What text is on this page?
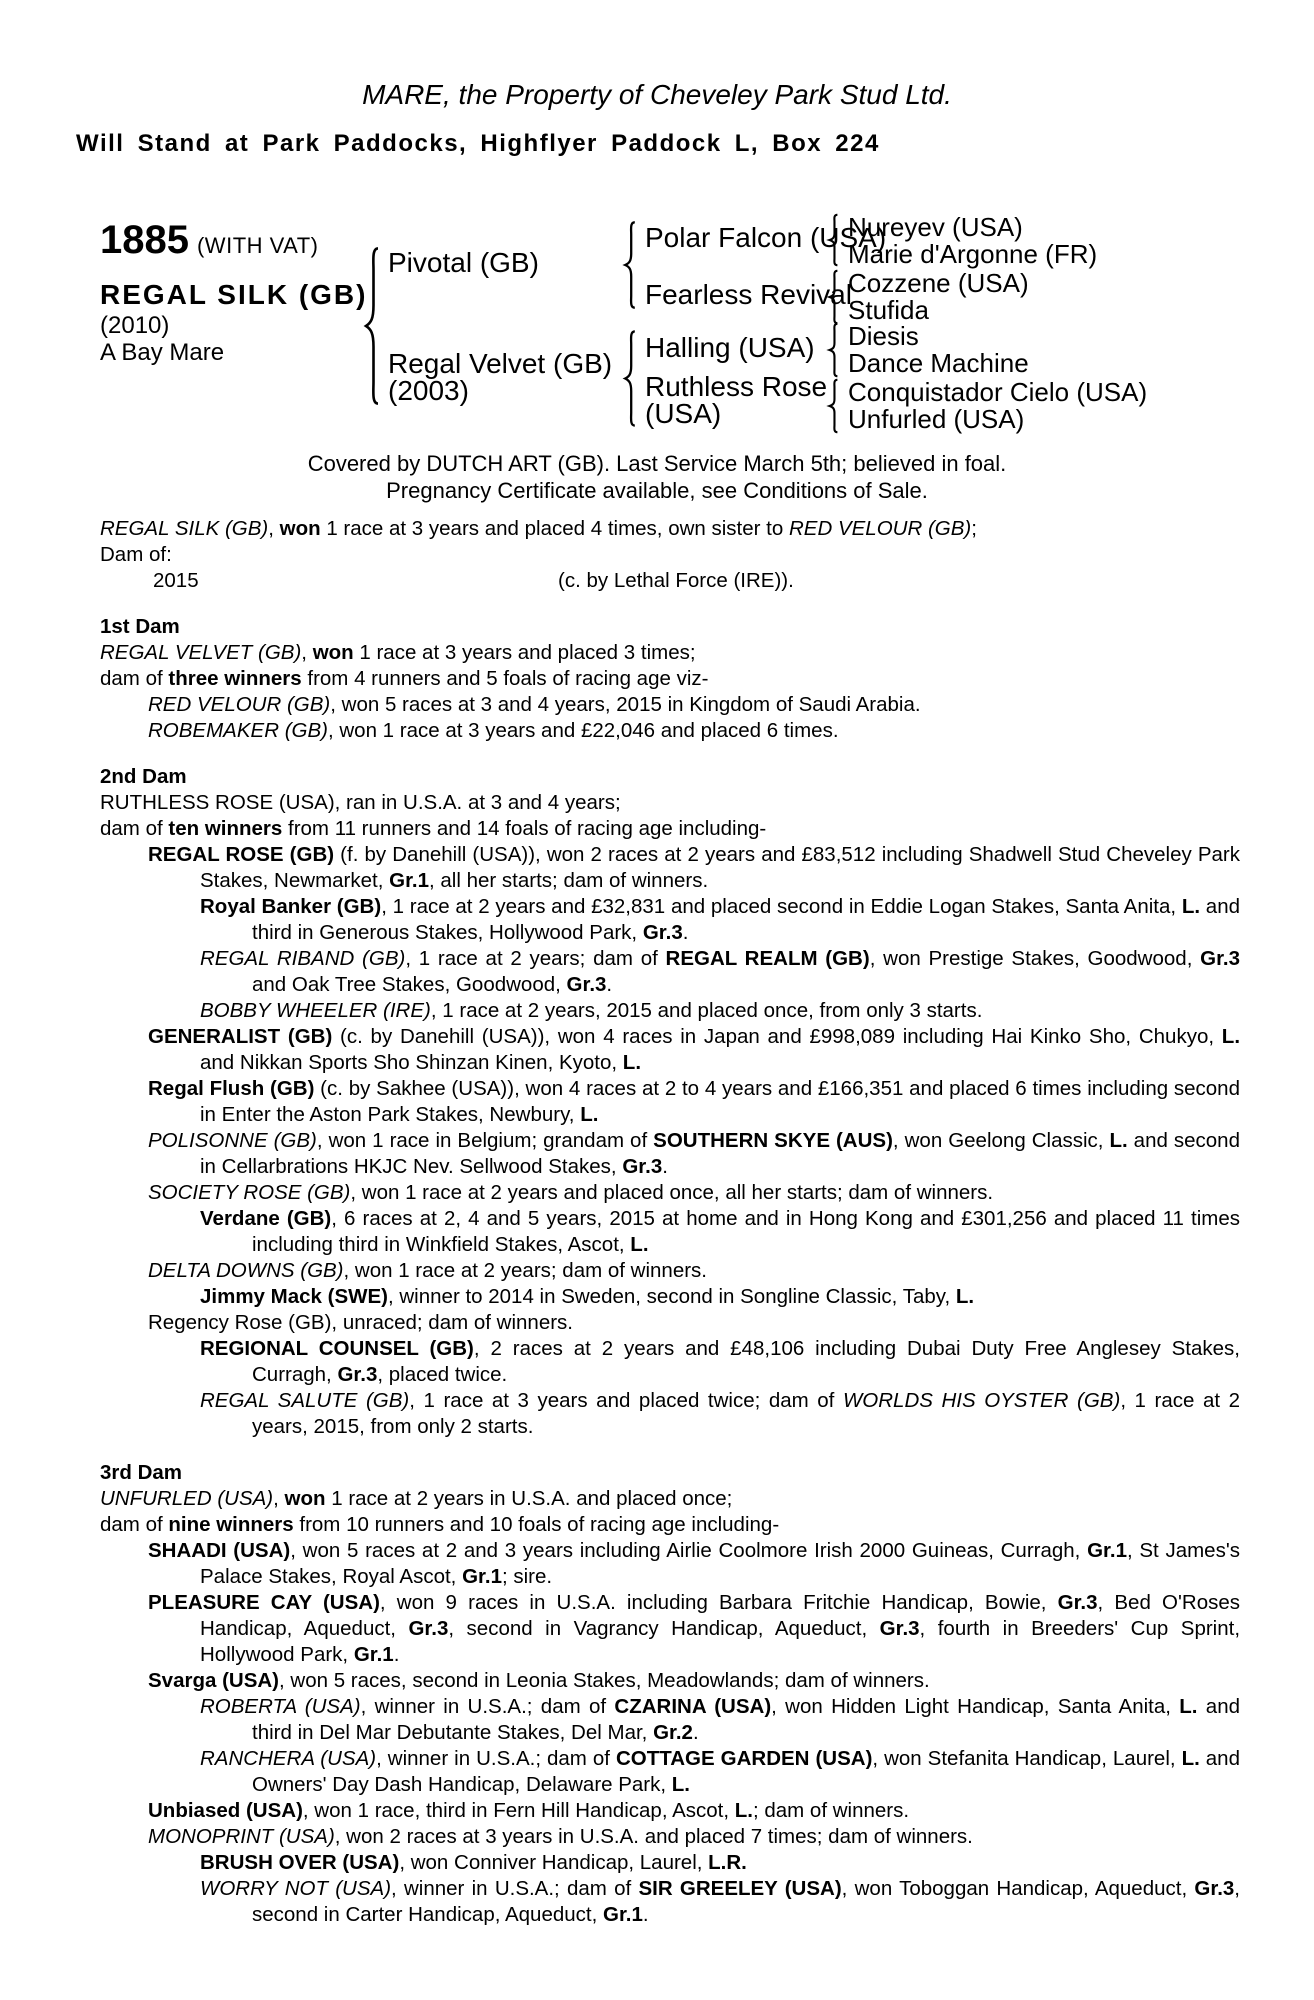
MARE, the Property of Cheveley Park Stud Ltd.
Will Stand at Park Paddocks, Highflyer Paddock L, Box 224
1885 (WITH VAT)
REGAL SILK (GB)
(2010)
A Bay Mare
Pivotal (GB)
Regal Velvet (GB)
(2003)
Polar Falcon (USA)
Fearless Revival
Halling (USA)
Ruthless Rose (USA)
Nureyev (USA)
Marie d'Argonne (FR)
Cozzene (USA)
Stufida
Diesis
Dance Machine
Conquistador Cielo (USA)
Unfurled (USA)
Covered by DUTCH ART (GB). Last Service March 5th; believed in foal.
Pregnancy Certificate available, see Conditions of Sale.
REGAL SILK (GB), won 1 race at 3 years and placed 4 times, own sister to RED VELOUR (GB);
Dam of:
2015	(c. by Lethal Force (IRE)).
1st Dam
REGAL VELVET (GB), won 1 race at 3 years and placed 3 times;
dam of three winners from 4 runners and 5 foals of racing age viz-
RED VELOUR (GB), won 5 races at 3 and 4 years, 2015 in Kingdom of Saudi Arabia.
ROBEMAKER (GB), won 1 race at 3 years and £22,046 and placed 6 times.
2nd Dam
RUTHLESS ROSE (USA), ran in U.S.A. at 3 and 4 years;
dam of ten winners from 11 runners and 14 foals of racing age including-
REGAL ROSE (GB) (f. by Danehill (USA)), won 2 races at 2 years and £83,512 including Shadwell Stud Cheveley Park Stakes, Newmarket, Gr.1, all her starts; dam of winners.
Royal Banker (GB), 1 race at 2 years and £32,831 and placed second in Eddie Logan Stakes, Santa Anita, L. and third in Generous Stakes, Hollywood Park, Gr.3.
REGAL RIBAND (GB), 1 race at 2 years; dam of REGAL REALM (GB), won Prestige Stakes, Goodwood, Gr.3 and Oak Tree Stakes, Goodwood, Gr.3.
BOBBY WHEELER (IRE), 1 race at 2 years, 2015 and placed once, from only 3 starts.
GENERALIST (GB) (c. by Danehill (USA)), won 4 races in Japan and £998,089 including Hai Kinko Sho, Chukyo, L. and Nikkan Sports Sho Shinzan Kinen, Kyoto, L.
Regal Flush (GB) (c. by Sakhee (USA)), won 4 races at 2 to 4 years and £166,351 and placed 6 times including second in Enter the Aston Park Stakes, Newbury, L.
POLISONNE (GB), won 1 race in Belgium; grandam of SOUTHERN SKYE (AUS), won Geelong Classic, L. and second in Cellarbrations HKJC Nev. Sellwood Stakes, Gr.3.
SOCIETY ROSE (GB), won 1 race at 2 years and placed once, all her starts; dam of winners.
Verdane (GB), 6 races at 2, 4 and 5 years, 2015 at home and in Hong Kong and £301,256 and placed 11 times including third in Winkfield Stakes, Ascot, L.
DELTA DOWNS (GB), won 1 race at 2 years; dam of winners.
Jimmy Mack (SWE), winner to 2014 in Sweden, second in Songline Classic, Taby, L.
Regency Rose (GB), unraced; dam of winners.
REGIONAL COUNSEL (GB), 2 races at 2 years and £48,106 including Dubai Duty Free Anglesey Stakes, Curragh, Gr.3, placed twice.
REGAL SALUTE (GB), 1 race at 3 years and placed twice; dam of WORLDS HIS OYSTER (GB), 1 race at 2 years, 2015, from only 2 starts.
3rd Dam
UNFURLED (USA), won 1 race at 2 years in U.S.A. and placed once;
dam of nine winners from 10 runners and 10 foals of racing age including-
SHAADI (USA), won 5 races at 2 and 3 years including Airlie Coolmore Irish 2000 Guineas, Curragh, Gr.1, St James's Palace Stakes, Royal Ascot, Gr.1; sire.
PLEASURE CAY (USA), won 9 races in U.S.A. including Barbara Fritchie Handicap, Bowie, Gr.3, Bed O'Roses Handicap, Aqueduct, Gr.3, second in Vagrancy Handicap, Aqueduct, Gr.3, fourth in Breeders' Cup Sprint, Hollywood Park, Gr.1.
Svarga (USA), won 5 races, second in Leonia Stakes, Meadowlands; dam of winners.
ROBERTA (USA), winner in U.S.A.; dam of CZARINA (USA), won Hidden Light Handicap, Santa Anita, L. and third in Del Mar Debutante Stakes, Del Mar, Gr.2.
RANCHERA (USA), winner in U.S.A.; dam of COTTAGE GARDEN (USA), won Stefanita Handicap, Laurel, L. and Owners' Day Dash Handicap, Delaware Park, L.
Unbiased (USA), won 1 race, third in Fern Hill Handicap, Ascot, L.; dam of winners.
MONOPRINT (USA), won 2 races at 3 years in U.S.A. and placed 7 times; dam of winners.
BRUSH OVER (USA), won Conniver Handicap, Laurel, L.R.
WORRY NOT (USA), winner in U.S.A.; dam of SIR GREELEY (USA), won Toboggan Handicap, Aqueduct, Gr.3, second in Carter Handicap, Aqueduct, Gr.1.
